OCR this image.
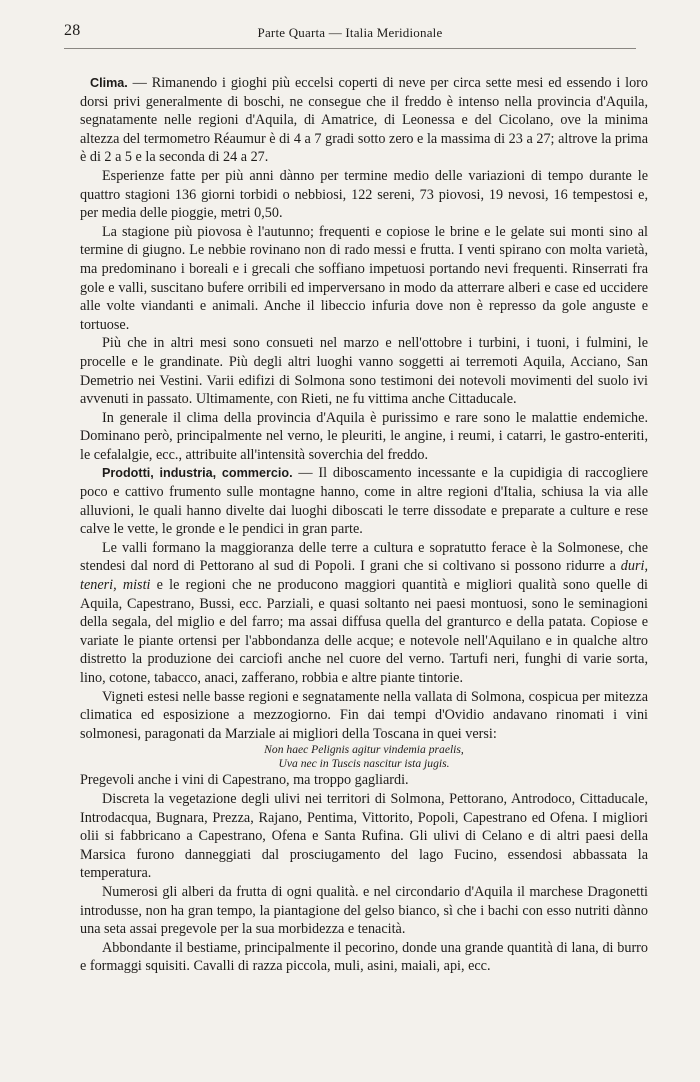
28	Parte Quarta — Italia Meridionale

Clima. — Rimanendo i gioghi più eccelsi coperti di neve per circa sette mesi ed essendo i loro dorsi privi generalmente di boschi, ne consegue che il freddo è intenso nella provincia d'Aquila, segnatamente nelle regioni d'Aquila, di Amatrice, di Leonessa e del Cicolano, ove la minima altezza del termometro Réaumur è di 4 a 7 gradi sotto zero e la massima di 23 a 27; altrove la prima è di 2 a 5 e la seconda di 24 a 27.

Esperienze fatte per più anni dànno per termine medio delle variazioni di tempo durante le quattro stagioni 136 giorni torbidi o nebbiosi, 122 sereni, 73 piovosi, 19 nevosi, 16 tempestosi e, per media delle pioggie, metri 0,50.

La stagione più piovosa è l'autunno; frequenti e copiose le brine e le gelate sui monti sino al termine di giugno. Le nebbie rovinano non di rado messi e frutta. I venti spirano con molta varietà, ma predominano i boreali e i grecali che soffiano impetuosi portando nevi frequenti. Rinserrati fra gole e valli, suscitano bufere orribili ed imperversano in modo da atterrare alberi e case ed uccidere alle volte viandanti e animali. Anche il libeccio infuria dove non è represso da gole anguste e tortuose.

Più che in altri mesi sono consueti nel marzo e nell'ottobre i turbini, i tuoni, i fulmini, le procelle e le grandinate. Più degli altri luoghi vanno soggetti ai terremoti Aquila, Acciano, San Demetrio nei Vestini. Varii edifizi di Solmona sono testimoni dei notevoli movimenti del suolo ivi avvenuti in passato. Ultimamente, con Rieti, ne fu vittima anche Cittaducale.

In generale il clima della provincia d'Aquila è purissimo e rare sono le malattie endemiche. Dominano però, principalmente nel verno, le pleuriti, le angine, i reumi, i catarri, le gastro-enteriti, le cefalalgie, ecc., attribuite all'intensità soverchia del freddo.

Prodotti, industria, commercio. — Il diboscamento incessante e la cupidigia di raccogliere poco e cattivo frumento sulle montagne hanno, come in altre regioni d'Italia, schiusa la via alle alluvioni, le quali hanno divelte dai luoghi diboscati le terre dissodate e preparate a culture e rese calve le vette, le gronde e le pendici in gran parte.

Le valli formano la maggioranza delle terre a cultura e sopratutto ferace è la Solmonese, che stendesi dal nord di Pettorano al sud di Popoli. I grani che si coltivano si possono ridurre a duri, teneri, misti e le regioni che ne producono maggiori quantità e migliori qualità sono quelle di Aquila, Capestrano, Bussi, ecc. Parziali, e quasi soltanto nei paesi montuosi, sono le seminagioni della segala, del miglio e del farro; ma assai diffusa quella del granturco e della patata. Copiose e variate le piante ortensi per l'abbondanza delle acque; e notevole nell'Aquilano e in qualche altro distretto la produzione dei carciofi anche nel cuore del verno. Tartufi neri, funghi di varie sorta, lino, cotone, tabacco, anaci, zafferano, robbia e altre piante tintorie.

Vigneti estesi nelle basse regioni e segnatamente nella vallata di Solmona, cospicua per mitezza climatica ed esposizione a mezzogiorno. Fin dai tempi d'Ovidio andavano rinomati i vini solmonesi, paragonati da Marziale ai migliori della Toscana in quei versi:

Non haec Pelignis agitur vindemia praelis,
Uva nec in Tuscis nascitur ista jugis.

Pregevoli anche i vini di Capestrano, ma troppo gagliardi.

Discreta la vegetazione degli ulivi nei territori di Solmona, Pettorano, Antrodoco, Cittaducale, Introdacqua, Bugnara, Prezza, Rajano, Pentima, Vittorito, Popoli, Capestrano ed Ofena. I migliori olii si fabbricano a Capestrano, Ofena e Santa Rufina. Gli ulivi di Celano e di altri paesi della Marsica furono danneggiati dal prosciugamento del lago Fucino, essendosi abbassata la temperatura.

Numerosi gli alberi da frutta di ogni qualità. e nel circondario d'Aquila il marchese Dragonetti introdusse, non ha gran tempo, la piantagione del gelso bianco, sì che i bachi con esso nutriti dànno una seta assai pregevole per la sua morbidezza e tenacità.

Abbondante il bestiame, principalmente il pecorino, donde una grande quantità di lana, di burro e formaggi squisiti. Cavalli di razza piccola, muli, asini, maiali, api, ecc.
